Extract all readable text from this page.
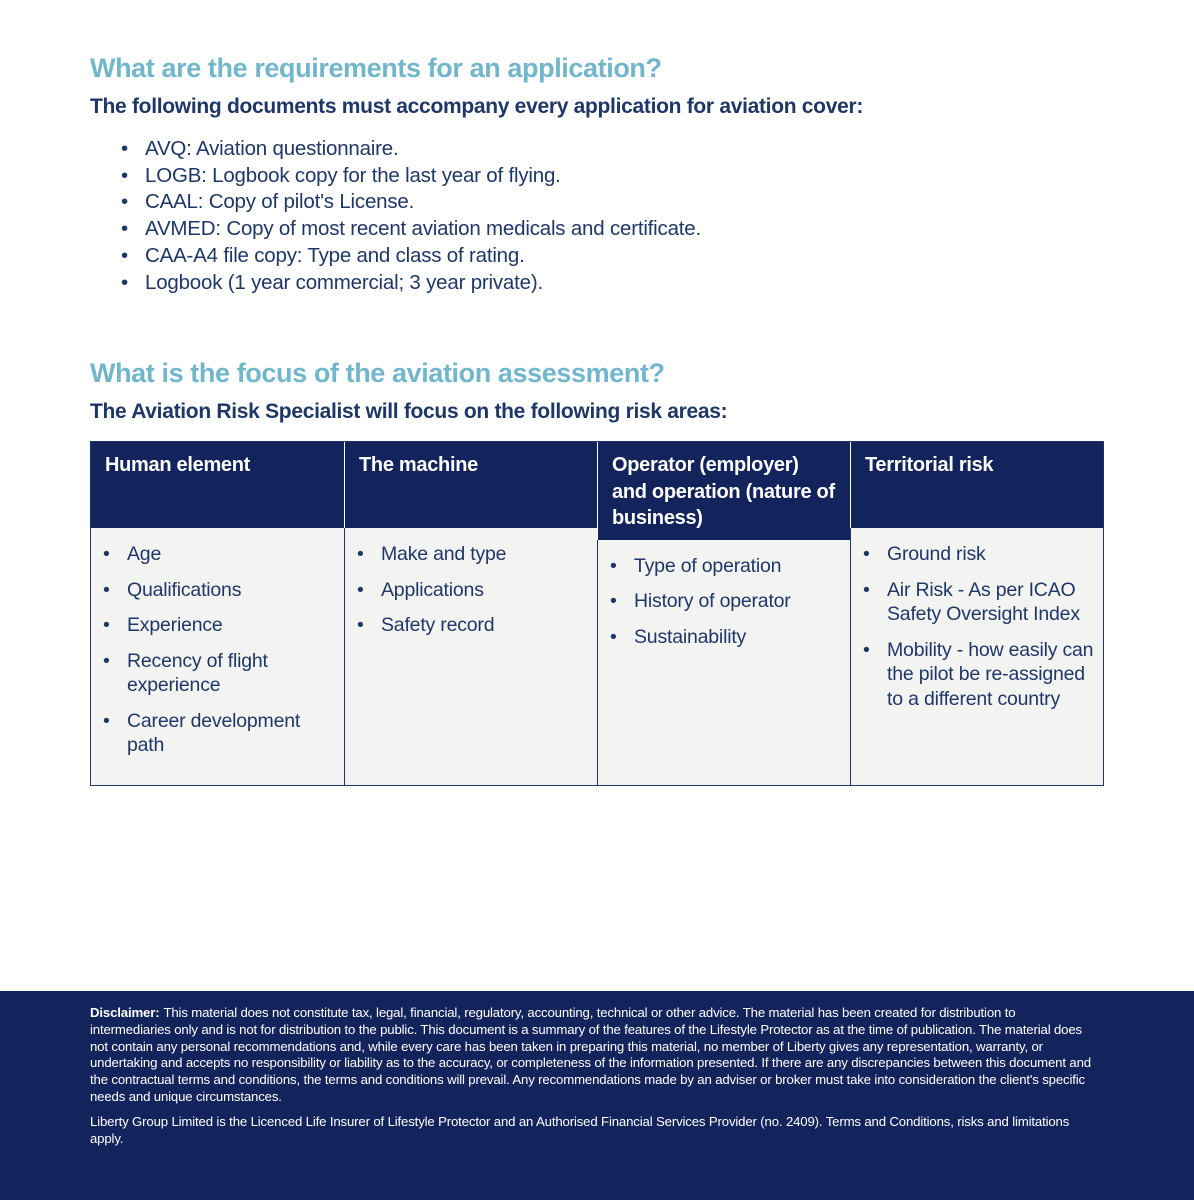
What are the requirements for an application?

The following documents must accompany every application for aviation cover:

• AVQ: Aviation questionnaire.
• LOGB: Logbook copy for the last year of flying.
• CAAL: Copy of pilot's License.
• AVMED: Copy of most recent aviation medicals and certificate.
• CAA-A4 file copy: Type and class of rating.
• Logbook (1 year commercial; 3 year private).
What is the focus of the aviation assessment?

The Aviation Risk Specialist will focus on the following risk areas:

Human element
• Age
• Qualifications
• Experience
• Recency of flight experience
• Career development path
The machine
• Make and type
• Applications
• Safety record
Operator (employer) and operation (nature of business)
• Type of operation
• History of operator
• Sustainability
Territorial risk
• Ground risk
• Air Risk - As per ICAO Safety Oversight Index
• Mobility - how easily can the pilot be re-assigned to a different country

Disclaimer: This material does not constitute tax, legal, financial, regulatory, accounting, technical or other advice. The material has been created for distribution to intermediaries only and is not for distribution to the public. This document is a summary of the features of the Lifestyle Protector as at the time of publication. The material does not contain any personal recommendations and, while every care has been taken in preparing this material, no member of Liberty gives any representation, warranty, or undertaking and accepts no responsibility or liability as to the accuracy, or completeness of the information presented. If there are any discrepancies between this document and the contractual terms and conditions, the terms and conditions will prevail. Any recommendations made by an adviser or broker must take into consideration the client's specific needs and unique circumstances.

Liberty Group Limited is the Licenced Life Insurer of Lifestyle Protector and an Authorised Financial Services Provider (no. 2409). Terms and Conditions, risks and limitations apply.
